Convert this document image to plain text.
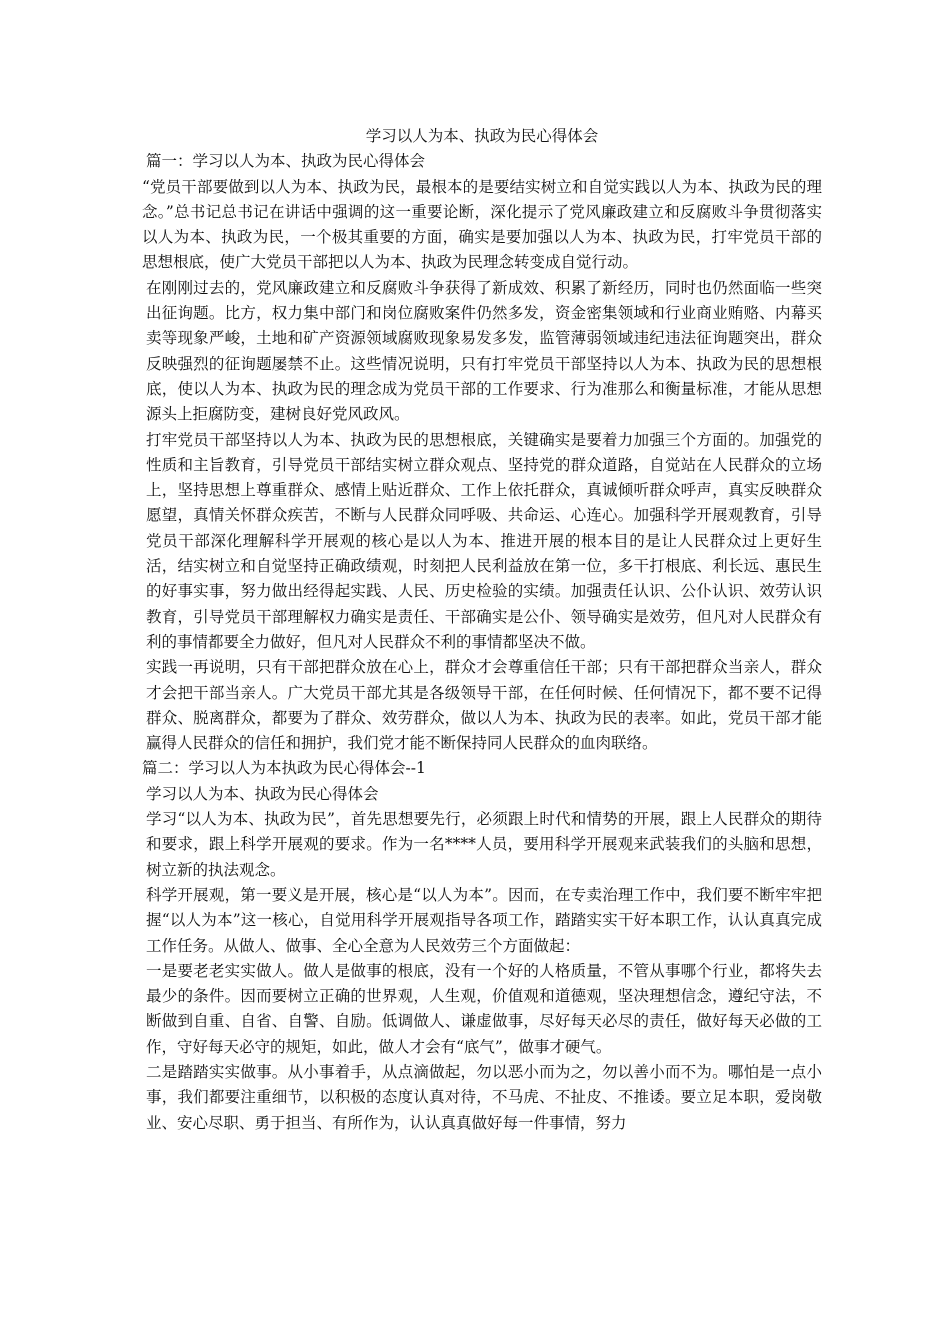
学习以人为本、执政为民心得体会

篇一：学习以人为本、执政为民心得体会

“党员干部要做到以人为本、执政为民，最根本的是要结实树立和自觉实践以人为本、执政为民的理念。”总书记总书记在讲话中强调的这一重要论断，深化提示了党风廉政建立和反腐败斗争贯彻落实以人为本、执政为民，一个极其重要的方面，确实是要加强以人为本、执政为民，打牢党员干部的思想根底，使广大党员干部把以人为本、执政为民理念转变成自觉行动。

在刚刚过去的，党风廉政建立和反腐败斗争获得了新成效、积累了新经历，同时也仍然面临一些突出征询题。比方，权力集中部门和岗位腐败案件仍然多发，资金密集领域和行业商业贿赂、内幕买卖等现象严峻，土地和矿产资源领域腐败现象易发多发，监管薄弱领域违纪违法征询题突出，群众反映强烈的征询题屡禁不止。这些情况说明，只有打牢党员干部坚持以人为本、执政为民的思想根底，使以人为本、执政为民的理念成为党员干部的工作要求、行为准那么和衡量标准，才能从思想源头上拒腐防变，建树良好党风政风。

打牢党员干部坚持以人为本、执政为民的思想根底，关键确实是要着力加强三个方面的。加强党的性质和主旨教育，引导党员干部结实树立群众观点、坚持党的群众道路，自觉站在人民群众的立场上，坚持思想上尊重群众、感情上贴近群众、工作上依托群众，真诚倾听群众呼声，真实反映群众愿望，真情关怀群众疾苦，不断与人民群众同呼吸、共命运、心连心。加强科学开展观教育，引导党员干部深化理解科学开展观的核心是以人为本、推进开展的根本目的是让人民群众过上更好生活，结实树立和自觉坚持正确政绩观，时刻把人民利益放在第一位，多干打根底、利长远、惠民生的好事实事，努力做出经得起实践、人民、历史检验的实绩。加强责任认识、公仆认识、效劳认识教育，引导党员干部理解权力确实是责任、干部确实是公仆、领导确实是效劳，但凡对人民群众有利的事情都要全力做好，但凡对人民群众不利的事情都坚决不做。

实践一再说明，只有干部把群众放在心上，群众才会尊重信任干部；只有干部把群众当亲人，群众才会把干部当亲人。广大党员干部尤其是各级领导干部，在任何时候、任何情况下，都不要不记得群众、脱离群众，都要为了群众、效劳群众，做以人为本、执政为民的表率。如此，党员干部才能赢得人民群众的信任和拥护，我们党才能不断保持同人民群众的血肉联络。

篇二：学习以人为本执政为民心得体会--1

学习以人为本、执政为民心得体会

学习“以人为本、执政为民”，首先思想要先行，必须跟上时代和情势的开展，跟上人民群众的期待和要求，跟上科学开展观的要求。作为一名****人员，要用科学开展观来武装我们的头脑和思想，树立新的执法观念。

科学开展观，第一要义是开展，核心是“以人为本”。因而，在专卖治理工作中，我们要不断牢牢把握“以人为本”这一核心，自觉用科学开展观指导各项工作，踏踏实实干好本职工作，认认真真完成工作任务。从做人、做事、全心全意为人民效劳三个方面做起：

一是要老老实实做人。做人是做事的根底，没有一个好的人格质量，不管从事哪个行业，都将失去最少的条件。因而要树立正确的世界观，人生观，价值观和道德观，坚决理想信念，遵纪守法，不断做到自重、自省、自警、自励。低调做人、谦虚做事，尽好每天必尽的责任，做好每天必做的工作，守好每天必守的规矩，如此，做人才会有“底气”，做事才硬气。

二是踏踏实实做事。从小事着手，从点滴做起，勿以恶小而为之，勿以善小而不为。哪怕是一点小事，我们都要注重细节，以积极的态度认真对待，不马虎、不扯皮、不推诿。要立足本职，爱岗敬业、安心尽职、勇于担当、有所作为，认认真真做好每一件事情，努力
